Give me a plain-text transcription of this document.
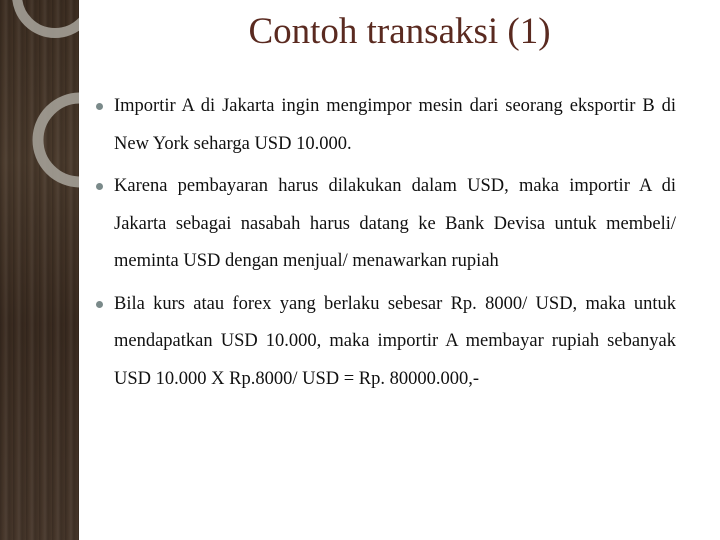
Contoh transaksi (1)
Importir A di Jakarta ingin mengimpor mesin dari seorang eksportir B di New York seharga USD 10.000.
Karena pembayaran harus dilakukan dalam USD, maka importir A di Jakarta sebagai nasabah harus datang ke Bank Devisa untuk membeli/ meminta USD dengan menjual/ menawarkan rupiah
Bila kurs atau forex yang berlaku sebesar Rp. 8000/ USD, maka untuk mendapatkan USD 10.000, maka importir A membayar rupiah sebanyak USD 10.000 X Rp.8000/ USD = Rp. 80000.000,-
